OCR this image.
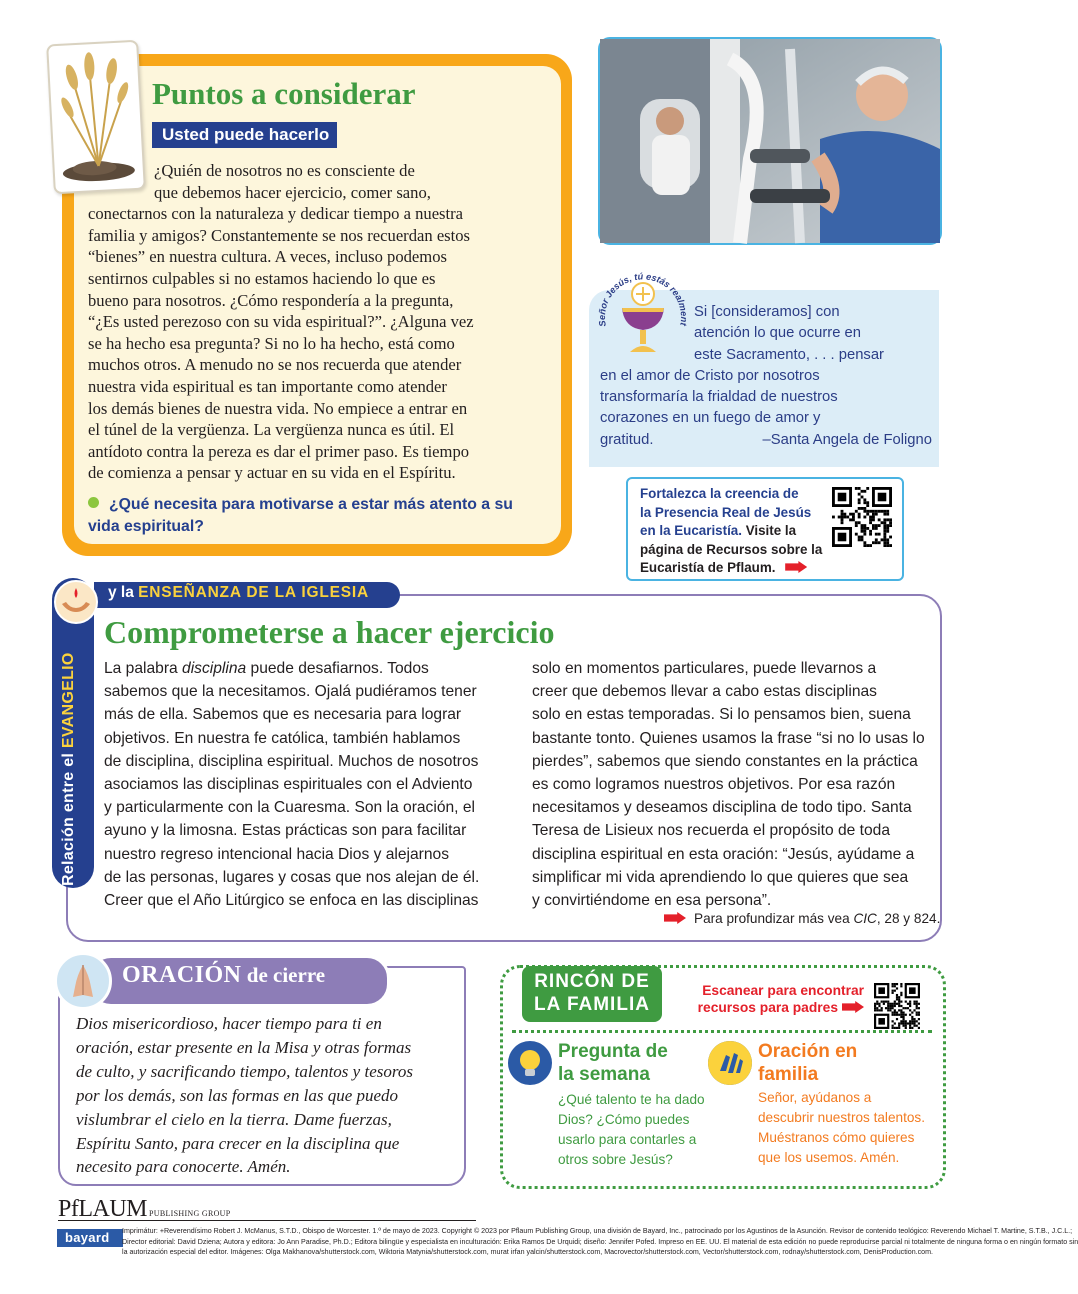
Puntos a considerar
Usted puede hacerlo

¿Quién de nosotros no es consciente de
que debemos hacer ejercicio, comer sano,
conectarnos con la naturaleza y dedicar tiempo a nuestra
familia y amigos? Constantemente se nos recuerdan estos
“bienes” en nuestra cultura. A veces, incluso podemos
sentirnos culpables si no estamos haciendo lo que es
bueno para nosotros. ¿Cómo respondería a la pregunta,
“¿Es usted perezoso con su vida espiritual?”. ¿Alguna vez
se ha hecho esa pregunta? Si no lo ha hecho, está como
muchos otros. A menudo no se nos recuerda que atender
nuestra vida espiritual es tan importante como atender
los demás bienes de nuestra vida. No empiece a entrar en
el túnel de la vergüenza. La vergüenza nunca es útil. El
antídoto contra la pereza es dar el primer paso. Es tiempo
de comienza a pensar y actuar en su vida en el Espíritu.

¿Qué necesita para motivarse a estar más atento a su
vida espiritual?

Si [consideramos] con
atención lo que ocurre en
este Sacramento, . . . pensar
en el amor de Cristo por nosotros
transformaría la frialdad de nuestros
corazones en un fuego de amor y
gratitud.	–Santa Angela de Foligno

Señor Jesús, tú estás realment

Fortalezca la creencia de
la Presencia Real de Jesús
en la Eucaristía. Visite la
página de Recursos sobre la
Eucaristía de Pflaum.

Relación entre el EVANGELIO
y la ENSEÑANZA DE LA IGLESIA
Comprometerse a hacer ejercicio

La palabra disciplina puede desafiarnos. Todos
sabemos que la necesitamos. Ojalá pudiéramos tener
más de ella. Sabemos que es necesaria para lograr
objetivos. En nuestra fe católica, también hablamos
de disciplina, disciplina espiritual. Muchos de nosotros
asociamos las disciplinas espirituales con el Adviento
y particularmente con la Cuaresma. Son la oración, el
ayuno y la limosna. Estas prácticas son para facilitar
nuestro regreso intencional hacia Dios y alejarnos
de las personas, lugares y cosas que nos alejan de él.
Creer que el Año Litúrgico se enfoca en las disciplinas

solo en momentos particulares, puede llevarnos a
creer que debemos llevar a cabo estas disciplinas
solo en estas temporadas. Si lo pensamos bien, suena
bastante tonto. Quienes usamos la frase “si no lo usas lo
pierdes”, sabemos que siendo constantes en la práctica
es como logramos nuestros objetivos. Por esa razón
necesitamos y deseamos disciplina de todo tipo. Santa
Teresa de Lisieux nos recuerda el propósito de toda
disciplina espiritual en esta oración: “Jesús, ayúdame a
simplificar mi vida aprendiendo lo que quieres que sea
y convirtiéndome en esa persona”.

Para profundizar más vea CIC, 28 y 824.
ORACIÓN de cierre

Dios misericordioso, hacer tiempo para ti en
oración, estar presente en la Misa y otras formas
de culto, y sacrificando tiempo, talentos y tesoros
por los demás, son las formas en las que puedo
vislumbrar el cielo en la tierra. Dame fuerzas,
Espíritu Santo, para crecer en la disciplina que
necesito para conocerte. Amén.

RINCÓN DE
LA FAMILIA

Escanear para encontrar
recursos para padres

Pregunta de
la semana

¿Qué talento te ha dado
Dios? ¿Cómo puedes
usarlo para contarles a
otros sobre Jesús?

Oración en
familia

Señor, ayúdanos a
descubrir nuestros talentos.
Muéstranos cómo quieres
que los usemos. Amén.

PfLAUM PUBLISHING GROUP
bayard	Imprimátur: +Reverendísimo Robert J. McManus, S.T.D., Obispo de Worcester. 1.º de mayo de 2023. Copyright © 2023 por Pflaum Publishing Group, una división de Bayard, Inc., patrocinado por los Agustinos de la Asunción. Revisor de contenido teológico: Reverendo Michael T. Martine, S.T.B., J.C.L.;
Director editorial: David Dziena; Autora y editora: Jo Ann Paradise, Ph.D.; Editora bilingüe y especialista en inculturación: Erika Ramos De Urquidi; diseño: Jennifer Pofed. Impreso en EE. UU. El material de esta edición no puede reproducirse parcial ni totalmente de ninguna forma o en ningún formato sin
la autorización especial del editor. Imágenes: Olga Makhanova/shutterstock.com, Wiktoria Matynia/shutterstock.com, murat irfan yalcin/shutterstock.com, Macrovector/shutterstock.com, Vector/shutterstock.com, rodnay/shutterstock.com, DenisProduction.com.
